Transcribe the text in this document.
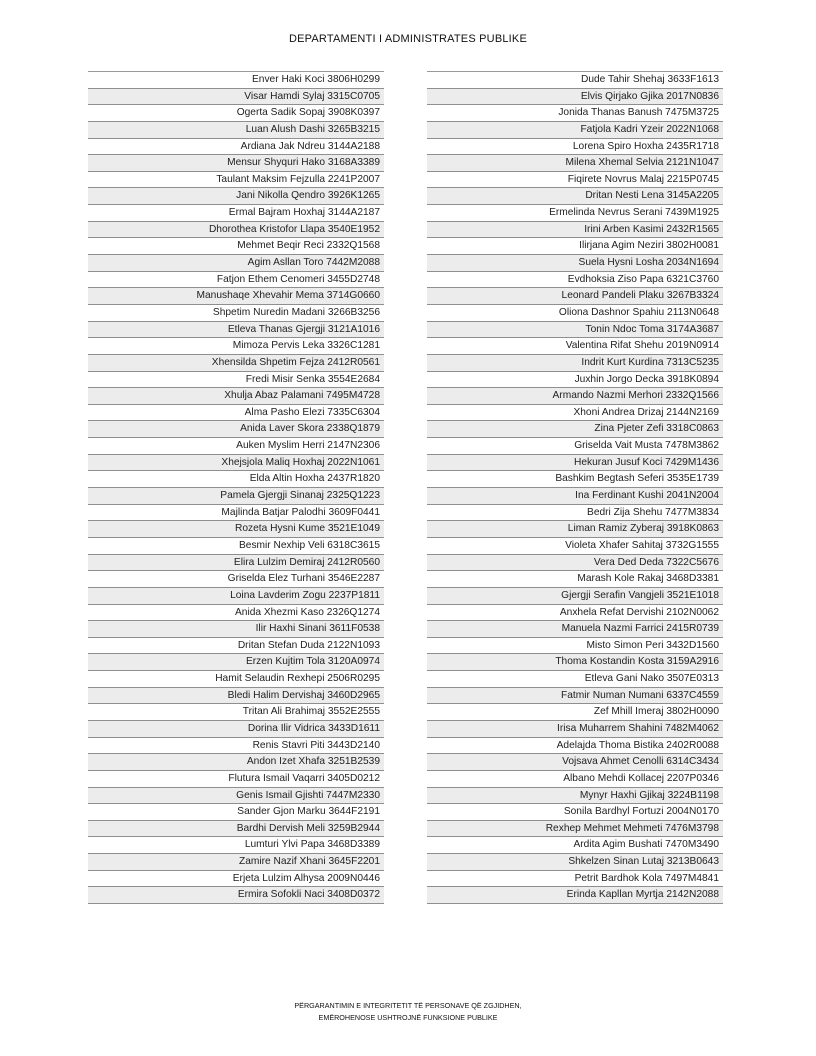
DEPARTAMENTI I ADMINISTRATES PUBLIKE
Enver Haki Koci 3806H0299
Visar Hamdi Sylaj 3315C0705
Ogerta Sadik Sopaj 3908K0397
Luan Alush Dashi 3265B3215
Ardiana Jak Ndreu 3144A2188
Mensur Shyquri Hako 3168A3389
Taulant Maksim Fejzulla 2241P2007
Jani Nikolla Qendro 3926K1265
Ermal Bajram Hoxhaj 3144A2187
Dhorothea Kristofor Llapa 3540E1952
Mehmet Beqir Reci 2332Q1568
Agim Asllan Toro 7442M2088
Fatjon Ethem Cenomeri 3455D2748
Manushaqe Xhevahir Mema 3714G0660
Shpetim Nuredin Madani 3266B3256
Etleva Thanas Gjergji 3121A1016
Mimoza Pervis Leka 3326C1281
Xhensilda Shpetim Fejza 2412R0561
Fredi Misir Senka 3554E2684
Xhulja Abaz Palamani 7495M4728
Alma Pasho Elezi 7335C6304
Anida Laver Skora 2338Q1879
Auken Myslim Herri 2147N2306
Xhejsjola Maliq Hoxhaj 2022N1061
Elda Altin Hoxha 2437R1820
Pamela Gjergji Sinanaj 2325Q1223
Majlinda Batjar Palodhi 3609F0441
Rozeta Hysni Kume 3521E1049
Besmir Nexhip Veli 6318C3615
Elira Lulzim Demiraj 2412R0560
Griselda Elez Turhani 3546E2287
Loina Lavderim Zogu 2237P1811
Anida Xhezmi Kaso 2326Q1274
Ilir Haxhi Sinani 3611F0538
Dritan Stefan Duda 2122N1093
Erzen Kujtim Tola 3120A0974
Hamit Selaudin Rexhepi 2506R0295
Bledi Halim Dervishaj 3460D2965
Tritan Ali Brahimaj 3552E2555
Dorina Ilir Vidrica 3433D1611
Renis Stavri Piti 3443D2140
Andon Izet Xhafa 3251B2539
Flutura Ismail Vaqarri 3405D0212
Genis Ismail Gjishti 7447M2330
Sander Gjon Marku 3644F2191
Bardhi Dervish Meli 3259B2944
Lumturi Ylvi Papa 3468D3389
Zamire Nazif Xhani 3645F2201
Erjeta Lulzim Alhysa 2009N0446
Ermira Sofokli Naci 3408D0372
Dude Tahir Shehaj 3633F1613
Elvis Qirjako Gjika 2017N0836
Jonida Thanas Banush 7475M3725
Fatjola Kadri Yzeir 2022N1068
Lorena Spiro Hoxha 2435R1718
Milena Xhemal Selvia 2121N1047
Fiqirete Novrus Malaj 2215P0745
Dritan Nesti Lena 3145A2205
Ermelinda Nevrus Serani 7439M1925
Irini Arben Kasimi 2432R1565
Ilirjana Agim Neziri 3802H0081
Suela Hysni Losha 2034N1694
Evdhoksia Ziso Papa 6321C3760
Leonard Pandeli Plaku 3267B3324
Oliona Dashnor Spahiu 2113N0648
Tonin Ndoc Toma 3174A3687
Valentina Rifat Shehu 2019N0914
Indrit Kurt Kurdina 7313C5235
Juxhin Jorgo Decka 3918K0894
Armando Nazmi Merhori 2332Q1566
Xhoni Andrea Drizaj 2144N2169
Zina Pjeter Zefi 3318C0863
Griselda Vait Musta 7478M3862
Hekuran Jusuf Koci 7429M1436
Bashkim Begtash Seferi 3535E1739
Ina Ferdinant Kushi 2041N2004
Bedri Zija Shehu 7477M3834
Liman Ramiz Zyberaj 3918K0863
Violeta Xhafer Sahitaj 3732G1555
Vera Ded Deda 7322C5676
Marash Kole Rakaj 3468D3381
Gjergji Serafin Vangjeli 3521E1018
Anxhela Refat Dervishi 2102N0062
Manuela Nazmi Farrici 2415R0739
Misto Simon Peri 3432D1560
Thoma Kostandin Kosta 3159A2916
Etleva Gani Nako 3507E0313
Fatmir Numan Numani 6337C4559
Zef Mhill Imeraj 3802H0090
Irisa Muharrem Shahini 7482M4062
Adelajda Thoma Bistika 2402R0088
Vojsava Ahmet Cenolli 6314C3434
Albano Mehdi Kollacej 2207P0346
Mynyr Haxhi Gjikaj 3224B1198
Sonila Bardhyl Fortuzi 2004N0170
Rexhep Mehmet Mehmeti 7476M3798
Ardita Agim Bushati 7470M3490
Shkelzen Sinan Lutaj 3213B0643
Petrit Bardhok Kola 7497M4841
Erinda Kapllan Myrtja 2142N2088
PËRGARANTIMIN E INTEGRITETIT TË PERSONAVE QË ZGJIDHEN,
EMËROHENOSE USHTROJNË FUNKSIONE PUBLIKE
